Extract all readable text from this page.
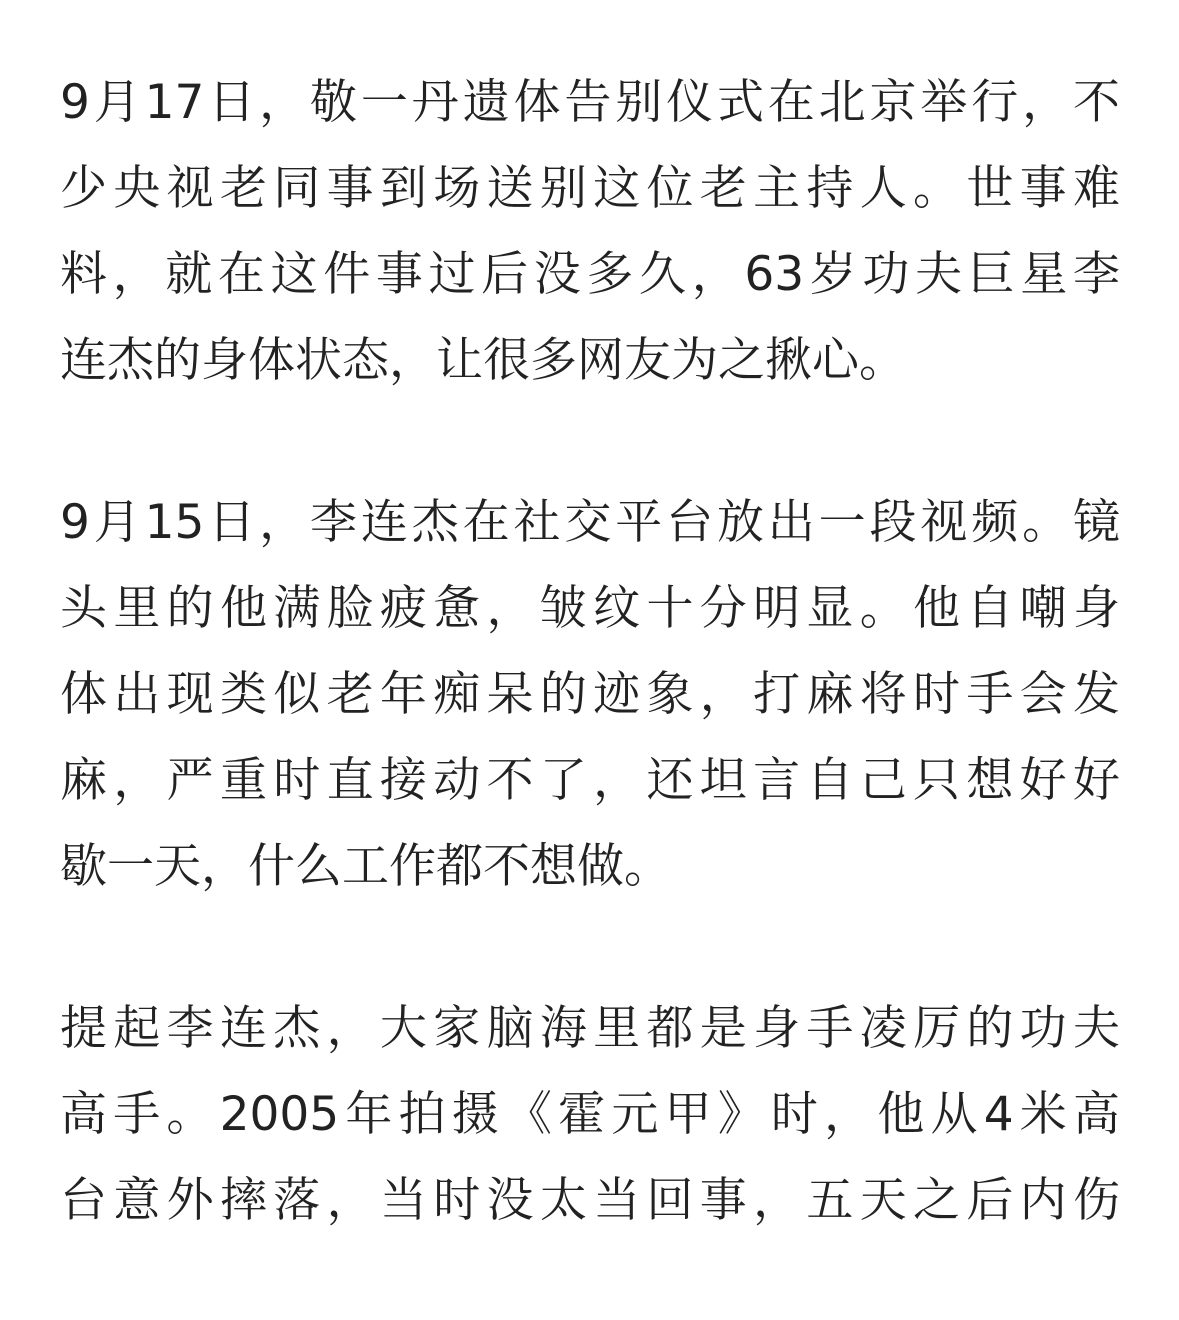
9月17日，敬一丹遗体告别仪式在北京举行，不
少央视老同事到场送别这位老主持人。世事难
料，就在这件事过后没多久，63岁功夫巨星李
连杰的身体状态，让很多网友为之揪心。

9月15日，李连杰在社交平台放出一段视频。镜
头里的他满脸疲惫，皱纹十分明显。他自嘲身
体出现类似老年痴呆的迹象，打麻将时手会发
麻，严重时直接动不了，还坦言自己只想好好
歇一天，什么工作都不想做。

提起李连杰，大家脑海里都是身手凌厉的功夫
高手。2005年拍摄《霍元甲》时，他从4米高
台意外摔落，当时没太当回事，五天之后内伤
